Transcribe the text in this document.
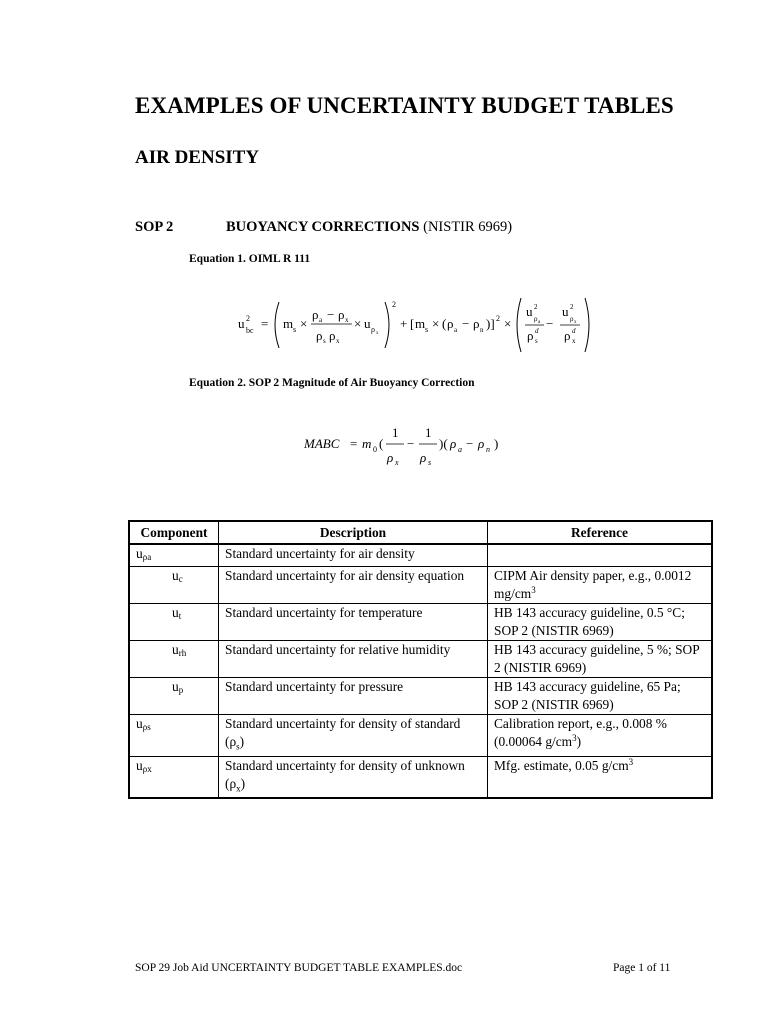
EXAMPLES OF UNCERTAINTY BUDGET TABLES
AIR DENSITY
SOP 2	BUOYANCY CORRECTIONS (NISTIR 6969)
Equation 1. OIML R 111
u 2
bc = m s ×
ρ a − ρ x
ρ s ρ x
× u ρ x
2
+ [ m s × ( ρ a − ρ n )] 2 ×
u 2
ρ a
ρ d
s
−
u 2
ρ x
ρ d
x
Equation 2. SOP 2 Magnitude of Air Buoyancy Correction
MABC = m 0 (
1
ρ x
−
1
ρ s
)( ρ a − ρ n )
Component	Description	Reference
$u_{\rho a}$	Standard uncertainty for air density	
$u_c$	Standard uncertainty for air density equation	CIPM Air density paper, e.g., 0.0012 $mg/cm^3$
$u_t$	Standard uncertainty for temperature	HB 143 accuracy guideline, 0.5 °C; SOP 2 (NISTIR 6969)
$u_{rh}$	Standard uncertainty for relative humidity	HB 143 accuracy guideline, 5 %; SOP 2 (NISTIR 6969)
$u_p$	Standard uncertainty for pressure	HB 143 accuracy guideline, 65 Pa; SOP 2 (NISTIR 6969)
$u_{\rho s}$	Standard uncertainty for density of standard $(\rho_s)$	Calibration report, e.g., 0.008 % (0.00064 $g/cm^3$)
$u_{\rho x}$	Standard uncertainty for density of unknown $(\rho_x)$	Mfg. estimate, 0.05 $g/cm^3$
SOP 29 Job Aid UNCERTAINTY BUDGET TABLE EXAMPLES.doc	Page 1 of 11
